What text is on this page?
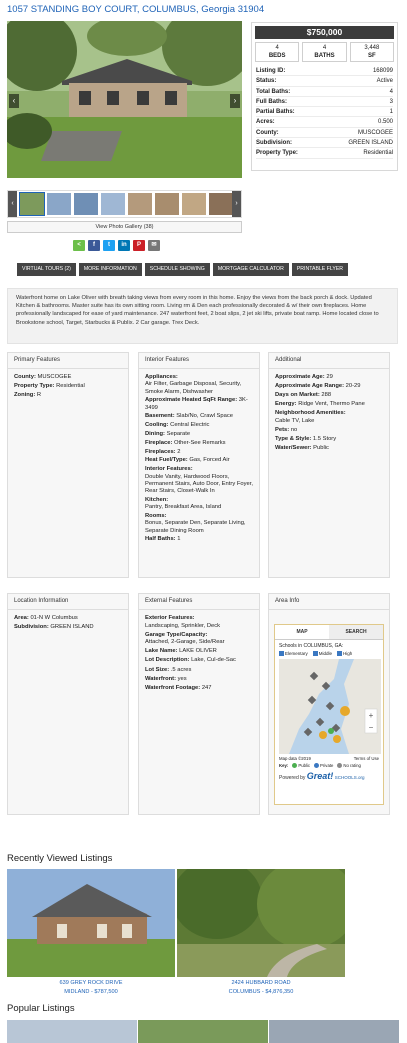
1057 STANDING BOY COURT, COLUMBUS, Georgia 31904
‹	›
$750,000
4
BEDS
4
BATHS
3,448
SF
Listing ID:	168099
Status:	Active
Total Baths:	4
Full Baths:	3
Partial Baths:	1
Acres:	0.500
County:	MUSCOGEE
Subdivision:	GREEN ISLAND
Property Type:	Residential
‹	›
View Photo Gallery (38)
<	f	t	in	P	✉
VIRTUAL TOURS (2)	MORE INFORMATION	SCHEDULE SHOWING	MORTGAGE CALCULATOR	PRINTABLE FLYER
Waterfront home on Lake Oliver with breath taking views from every room in this home. Enjoy the views from the back porch & dock. Updated Kitchen & bathrooms. Master suite has its own sitting room. Living rm & Den each professionally decorated & w/ their own fireplaces. Home professionally landscaped for ease of yard maintenance. 247 waterfront feet, 2 boat slips, 2 jet ski lifts, private boat ramp. Home located close to Brookstone school, Target, Starbucks & Publix. 2 Car garage. Trex Deck.
Primary Features
County: MUSCOGEE
Property Type: Residential
Zoning: R
Interior Features
Appliances:
Air Filter, Garbage Disposal, Security, Smoke Alarm, Dishwasher
Approximate Heated SqFt Range: 3K-3499
Basement: Slab/No, Crawl Space
Cooling: Central Electric
Dining: Separate
Fireplace: Other-See Remarks
Fireplaces: 2
Heat Fuel/Type: Gas, Forced Air
Interior Features:
Double Vanity, Hardwood Floors, Permanent Stairs, Auto Door, Entry Foyer, Rear Stairs, Closet-Walk In
Kitchen:
Pantry, Breakfast Area, Island
Rooms:
Bonus, Separate Den, Separate Living, Separate Dining Room
Half Baths: 1
Additional
Approximate Age: 29
Approximate Age Range: 20-29
Days on Market: 288
Energy: Ridge Vent, Thermo Pane
Neighborhood Amenities:
Cable TV, Lake
Pets: no
Type & Style: 1.5 Story
Water/Sewer: Public
Location Information
Area: 01-N W Columbus
Subdivision: GREEN ISLAND
External Features
Exterior Features:
Landscaping, Sprinkler, Deck
Garage Type/Capacity:
Attached, 2-Garage, Side/Rear
Lake Name: LAKE OLIVER
Lot Description: Lake, Cul-de-Sac
Lot Size: .5 acres
Waterfront: yes
Waterfront Footage: 247
Area Info
MAP	SEARCH
Schools in COLUMBUS, GA:
Elementary	Middle	High
+
−
Map data ©2019	Terms of Use
Key:	Public	Private	No rating
Powered by Great! SCHOOLS.org
Recently Viewed Listings
639 GREY ROCK DRIVE
MIDLAND - $787,500
2424 HUBBARD ROAD
COLUMBUS - $4,876,350
Popular Listings
